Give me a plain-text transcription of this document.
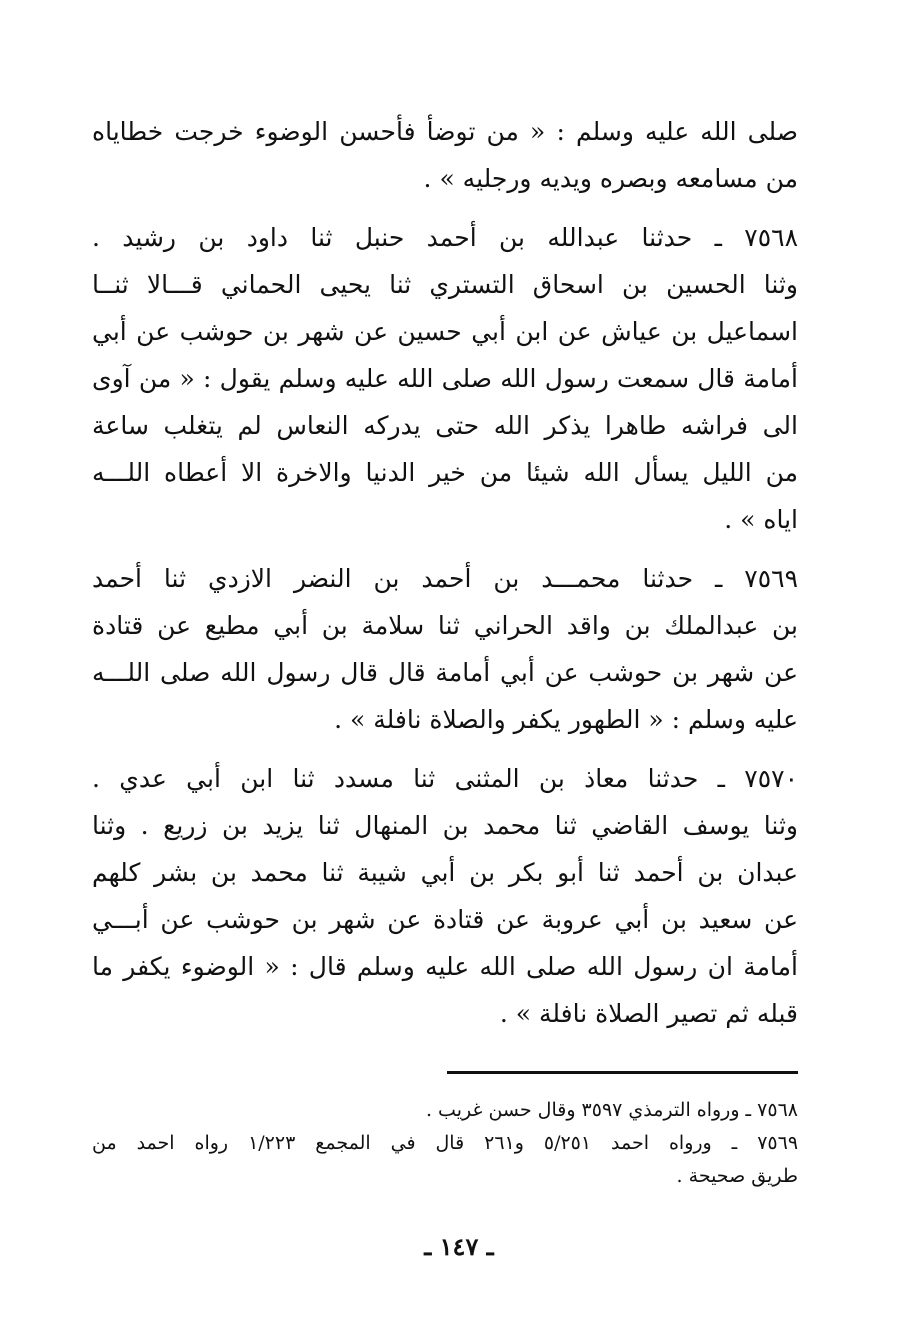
صلى الله عليه وسلم : « من توضأ فأحسن الوضوء خرجت خطاياه
من مسامعه وبصره ويديه ورجليه » .
٧٥٦٨ ـ حدثنا عبدالله بن أحمد حنبل ثنا داود بن رشيد .
وثنا الحسين بن اسحاق التستري ثنا يحيى الحماني قـــالا ثنــا
اسماعيل بن عياش عن ابن أبي حسين عن شهر بن حوشب عن أبي
أمامة قال سمعت رسول الله صلى الله عليه وسلم يقول : « من آوى
الى فراشه طاهرا يذكر الله حتى يدركه النعاس لم يتغلب ساعة
من الليل يسأل الله شيئا من خير الدنيا والاخرة الا أعطاه اللـــه
اياه » .
٧٥٦٩ ـ حدثنا محمـــد بن أحمد بن النضر الازدي ثنا أحمد
بن عبدالملك بن واقد الحراني ثنا سلامة بن أبي مطيع عن قتادة
عن شهر بن حوشب عن أبي أمامة قال قال رسول الله صلى اللـــه
عليه وسلم : « الطهور يكفر والصلاة نافلة » .
٧٥٧٠ ـ حدثنا معاذ بن المثنى ثنا مسدد ثنا ابن أبي عدي .
وثنا يوسف القاضي ثنا محمد بن المنهال ثنا يزيد بن زريع . وثنا
عبدان بن أحمد ثنا أبو بكر بن أبي شيبة ثنا محمد بن بشر كلهم
عن سعيد بن أبي عروبة عن قتادة عن شهر بن حوشب عن أبـــي
أمامة ان رسول الله صلى الله عليه وسلم قال : « الوضوء يكفر ما
قبله ثم تصير الصلاة نافلة » .
٧٥٦٨ ـ ورواه الترمذي ٣٥٩٧ وقال حسن غريب .
٧٥٦٩ ـ ورواه احمد ٥/٢٥١ و٢٦١ قال في المجمع ١/٢٢٣ رواه احمد من
طريق صحيحة .
ـ ١٤٧ ـ
